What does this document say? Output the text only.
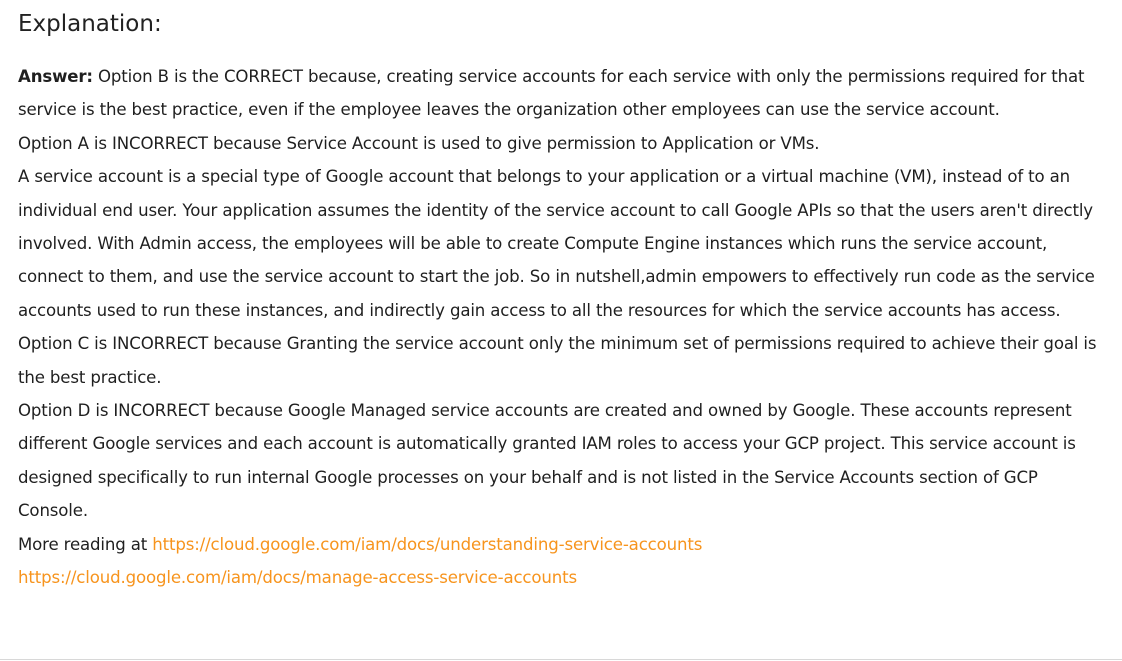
Explanation:

Answer: Option B is the CORRECT because, creating service accounts for each service with only the permissions required for that service is the best practice, even if the employee leaves the organization other employees can use the service account.

Option A is INCORRECT because Service Account is used to give permission to Application or VMs.

A service account is a special type of Google account that belongs to your application or a virtual machine (VM), instead of to an individual end user. Your application assumes the identity of the service account to call Google APIs so that the users aren't directly involved. With Admin access, the employees will be able to create Compute Engine instances which runs the service account, connect to them, and use the service account to start the job. So in nutshell,admin empowers to effectively run code as the service accounts used to run these instances, and indirectly gain access to all the resources for which the service accounts has access.

Option C is INCORRECT because Granting the service account only the minimum set of permissions required to achieve their goal is the best practice.

Option D is INCORRECT because Google Managed service accounts are created and owned by Google. These accounts represent different Google services and each account is automatically granted IAM roles to access your GCP project. This service account is designed specifically to run internal Google processes on your behalf and is not listed in the Service Accounts section of GCP Console.

More reading at https://cloud.google.com/iam/docs/understanding-service-accounts
https://cloud.google.com/iam/docs/manage-access-service-accounts
